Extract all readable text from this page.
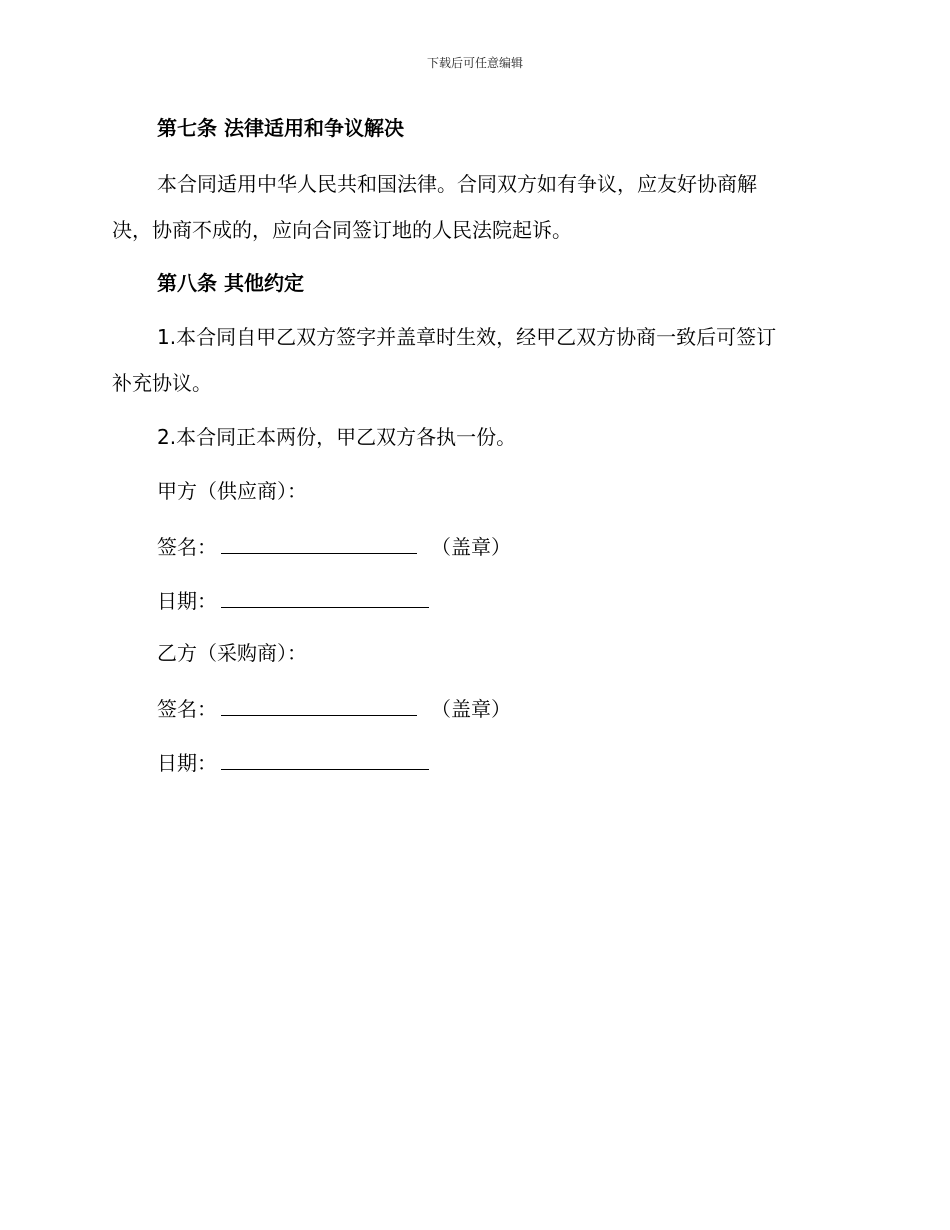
下载后可任意编辑
第七条 法律适用和争议解决
本合同适用中华人民共和国法律。合同双方如有争议，应友好协商解
决，协商不成的，应向合同签订地的人民法院起诉。
第八条 其他约定
1.本合同自甲乙双方签字并盖章时生效，经甲乙双方协商一致后可签订
补充协议。
2.本合同正本两份，甲乙双方各执一份。
甲方（供应商）：
签名：	（盖章）
日期：
乙方（采购商）：
签名：	（盖章）
日期：
